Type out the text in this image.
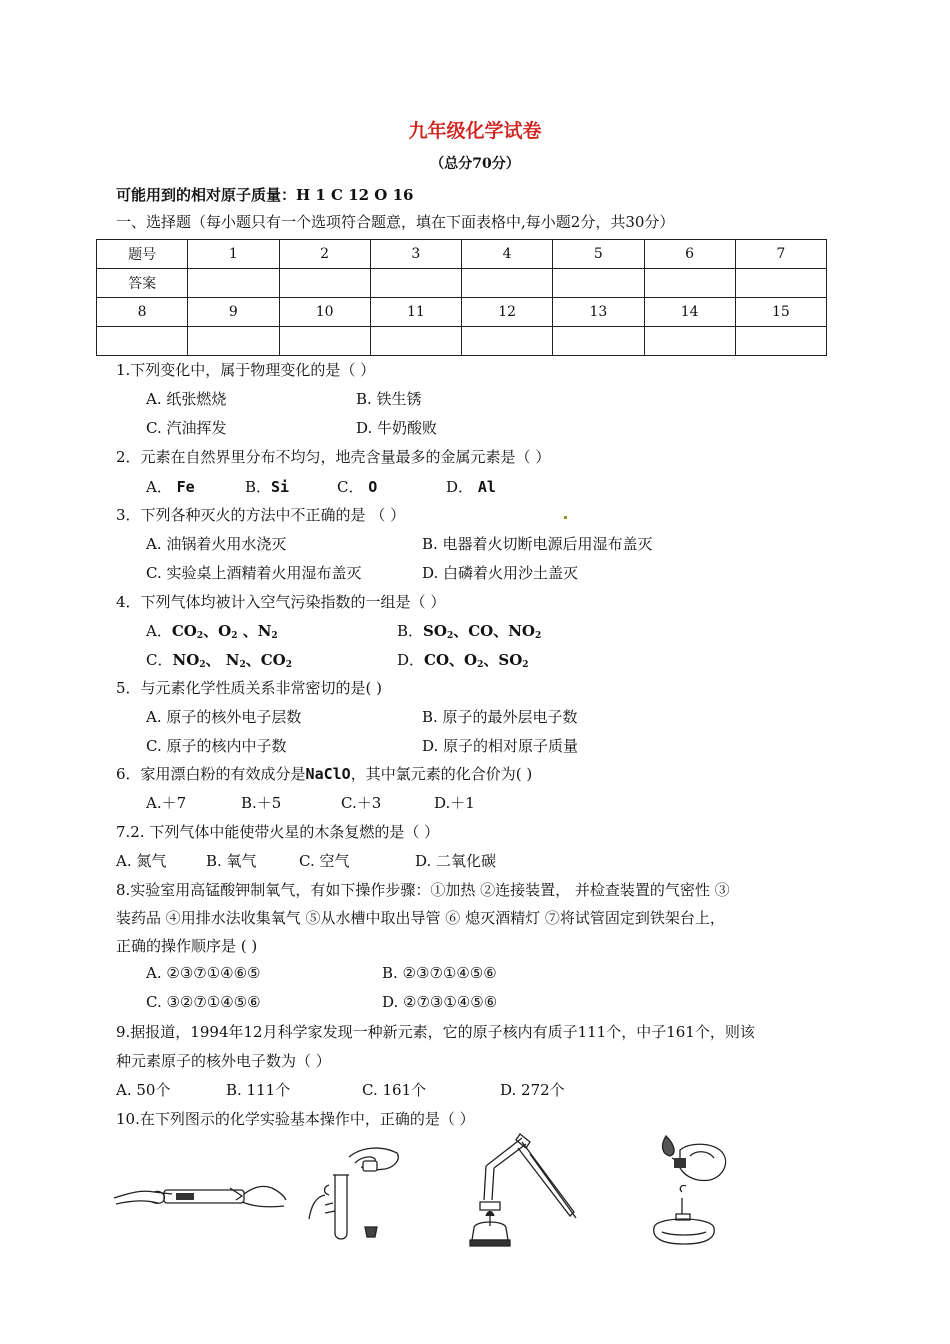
九年级化学试卷
（总分70分）
可能用到的相对原子质量：H 1 C 12 O 16
一、选择题（每小题只有一个选项符合题意，填在下面表格中,每小题2分，共30分）
题号	1	2	3	4	5	6	7
答案							
8	9	10	11	12	13	14	15

1.下列变化中，属于物理变化的是（ ）
A. 纸张燃烧	B. 铁生锈
C. 汽油挥发	D. 牛奶酸败
2．元素在自然界里分布不均匀，地壳含量最多的金属元素是（ ）
A． Fe	B．Si	C． O	D． Al
3．下列各种灭火的方法中不正确的是 （ ）
A. 油锅着火用水浇灭	B. 电器着火切断电源后用湿布盖灭
C. 实验桌上酒精着火用湿布盖灭	D. 白磷着火用沙土盖灭
4．下列气体均被计入空气污染指数的一组是（ ）
A．$CO_2$、$O_2$ 、$N_2$	B．$SO_2$、CO、$NO_2$
C．$NO_2$、 $N_2$、$CO_2$	D．CO、$O_2$、$SO_2$
5．与元素化学性质关系非常密切的是( )
A. 原子的核外电子层数	B. 原子的最外层电子数
C. 原子的核内中子数	D. 原子的相对原子质量
6．家用漂白粉的有效成分是NaClO，其中氯元素的化合价为( )
A.＋7	B.＋5	C.＋3	D.＋1
7.2. 下列气体中能使带火星的木条复燃的是（ ）
A. 氮气	B. 氧气	C. 空气	D. 二氧化碳
8.实验室用高锰酸钾制氧气，有如下操作步骤：①加热 ②连接装置， 并检查装置的气密性 ③
装药品 ④用排水法收集氧气 ⑤从水槽中取出导管 ⑥ 熄灭酒精灯 ⑦将试管固定到铁架台上，
正确的操作顺序是 ( )
A. ②③⑦①④⑥⑤	B. ②③⑦①④⑤⑥
C. ③②⑦①④⑤⑥	D. ②⑦③①④⑤⑥
9.据报道，1994年12月科学家发现一种新元素，它的原子核内有质子111个，中子161个，则该
种元素原子的核外电子数为（ ）
A. 50个	B. 111个	C. 161个	D. 272个
10.在下列图示的化学实验基本操作中，正确的是（ ）
